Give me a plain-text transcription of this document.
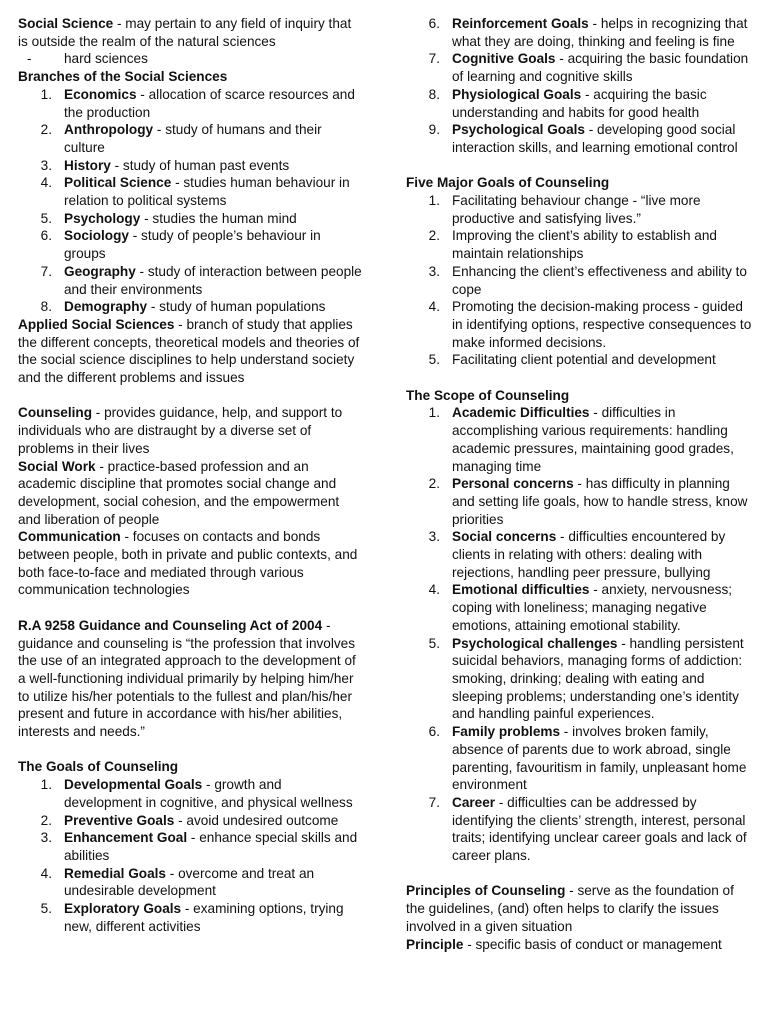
Social Science - may pertain to any field of inquiry that is outside the realm of the natural sciences

-	hard sciences

Branches of the Social Sciences

1. Economics - allocation of scarce resources and the production
2. Anthropology - study of humans and their culture
3. History - study of human past events
4. Political Science - studies human behaviour in relation to political systems
5. Psychology - studies the human mind
6. Sociology - study of people’s behaviour in groups
7. Geography - study of interaction between people and their environments
8. Demography - study of human populations

Applied Social Sciences - branch of study that applies the different concepts, theoretical models and theories of the social science disciplines to help understand society and the different problems and issues

Counseling - provides guidance, help, and support to individuals who are distraught by a diverse set of problems in their lives

Social Work - practice-based profession and an academic discipline that promotes social change and development, social cohesion, and the empowerment and liberation of people

Communication - focuses on contacts and bonds between people, both in private and public contexts, and both face-to-face and mediated through various communication technologies

R.A 9258 Guidance and Counseling Act of 2004 - guidance and counseling is “the profession that involves the use of an integrated approach to the development of a well-functioning individual primarily by helping him/her to utilize his/her potentials to the fullest and plan/his/her present and future in accordance with his/her abilities, interests and needs.”

The Goals of Counseling

1. Developmental Goals - growth and development in cognitive, and physical wellness
2. Preventive Goals - avoid undesired outcome
3. Enhancement Goal - enhance special skills and abilities
4. Remedial Goals - overcome and treat an undesirable development
5. Exploratory Goals - examining options, trying new, different activities
6. Reinforcement Goals - helps in recognizing that what they are doing, thinking and feeling is fine
7. Cognitive Goals - acquiring the basic foundation of learning and cognitive skills
8. Physiological Goals - acquiring the basic understanding and habits for good health
9. Psychological Goals - developing good social interaction skills, and learning emotional control

Five Major Goals of Counseling

1. Facilitating behaviour change - “live more productive and satisfying lives.”
2. Improving the client’s ability to establish and maintain relationships
3. Enhancing the client’s effectiveness and ability to cope
4. Promoting the decision-making process - guided in identifying options, respective consequences to make informed decisions.
5. Facilitating client potential and development

The Scope of Counseling

1. Academic Difficulties - difficulties in accomplishing various requirements: handling academic pressures, maintaining good grades, managing time
2. Personal concerns - has difficulty in planning and setting life goals, how to handle stress, know priorities
3. Social concerns - difficulties encountered by clients in relating with others: dealing with rejections, handling peer pressure, bullying
4. Emotional difficulties - anxiety, nervousness; coping with loneliness; managing negative emotions, attaining emotional stability.
5. Psychological challenges - handling persistent suicidal behaviors, managing forms of addiction: smoking, drinking; dealing with eating and sleeping problems; understanding one’s identity and handling painful experiences.
6. Family problems - involves broken family, absence of parents due to work abroad, single parenting, favouritism in family, unpleasant home environment
7. Career - difficulties can be addressed by identifying the clients’ strength, interest, personal traits; identifying unclear career goals and lack of career plans.

Principles of Counseling - serve as the foundation of the guidelines, (and) often helps to clarify the issues involved in a given situation

Principle - specific basis of conduct or management
